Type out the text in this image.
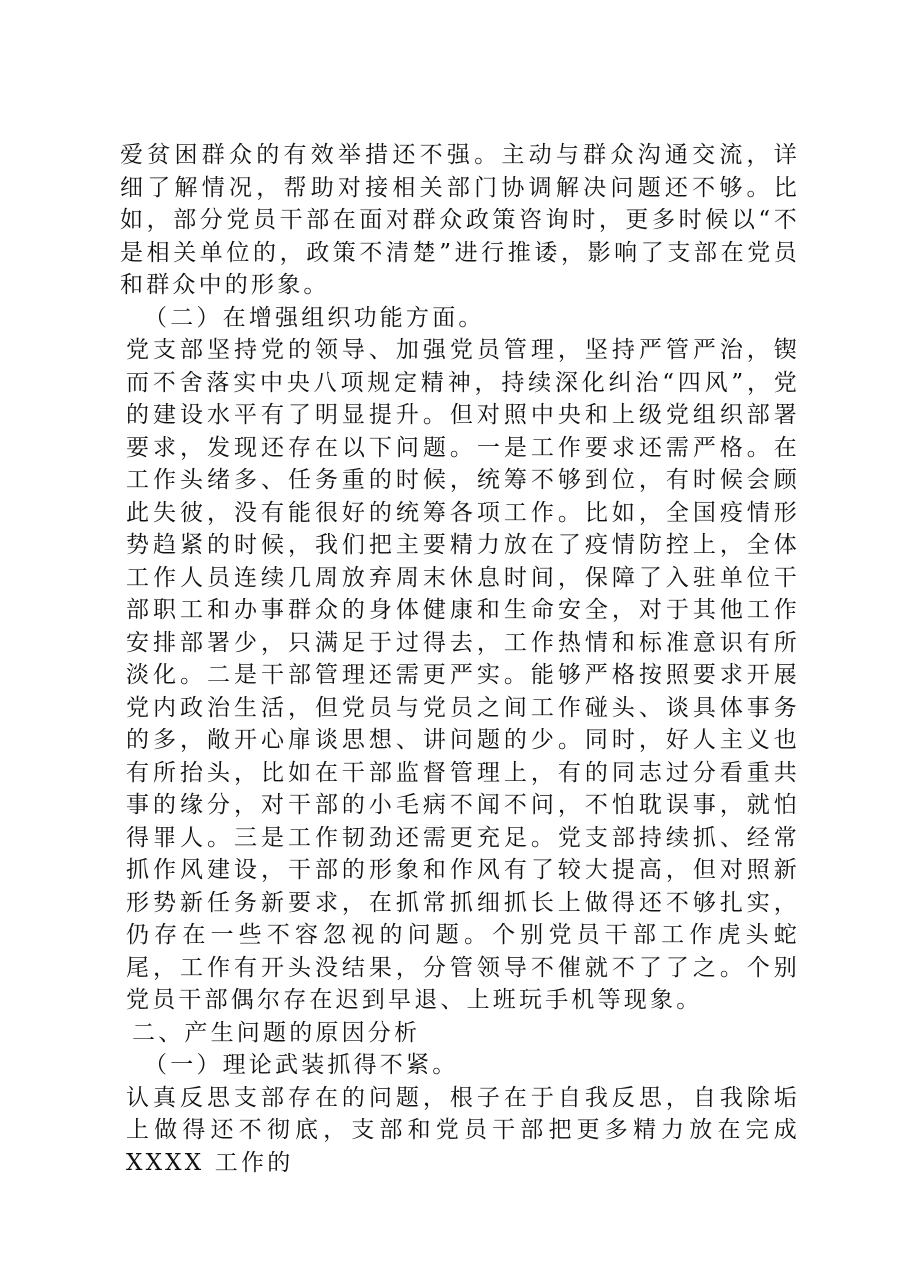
爱贫困群众的有效举措还不强。主动与群众沟通交流，详细了解情况，帮助对接相关部门协调解决问题还不够。比如，部分党员干部在面对群众政策咨询时，更多时候以“不是相关单位的，政策不清楚”进行推诿，影响了支部在党员和群众中的形象。

（二）在增强组织功能方面。

党支部坚持党的领导、加强党员管理，坚持严管严治，锲而不舍落实中央八项规定精神，持续深化纠治“四风”，党的建设水平有了明显提升。但对照中央和上级党组织部署要求，发现还存在以下问题。一是工作要求还需严格。在工作头绪多、任务重的时候，统筹不够到位，有时候会顾此失彼，没有能很好的统筹各项工作。比如，全国疫情形势趋紧的时候，我们把主要精力放在了疫情防控上，全体工作人员连续几周放弃周末休息时间，保障了入驻单位干部职工和办事群众的身体健康和生命安全，对于其他工作安排部署少，只满足于过得去，工作热情和标准意识有所淡化。二是干部管理还需更严实。能够严格按照要求开展党内政治生活，但党员与党员之间工作碰头、谈具体事务的多，敞开心扉谈思想、讲问题的少。同时，好人主义也有所抬头，比如在干部监督管理上，有的同志过分看重共事的缘分，对干部的小毛病不闻不问，不怕耽误事，就怕得罪人。三是工作韧劲还需更充足。党支部持续抓、经常抓作风建设，干部的形象和作风有了较大提高，但对照新形势新任务新要求，在抓常抓细抓长上做得还不够扎实，仍存在一些不容忽视的问题。个别党员干部工作虎头蛇尾，工作有开头没结果，分管领导不催就不了了之。个别党员干部偶尔存在迟到早退、上班玩手机等现象。

二、产生问题的原因分析

（一）理论武装抓得不紧。

认真反思支部存在的问题，根子在于自我反思，自我除垢上做得还不彻底，支部和党员干部把更多精力放在完成 XXXX 工作的
